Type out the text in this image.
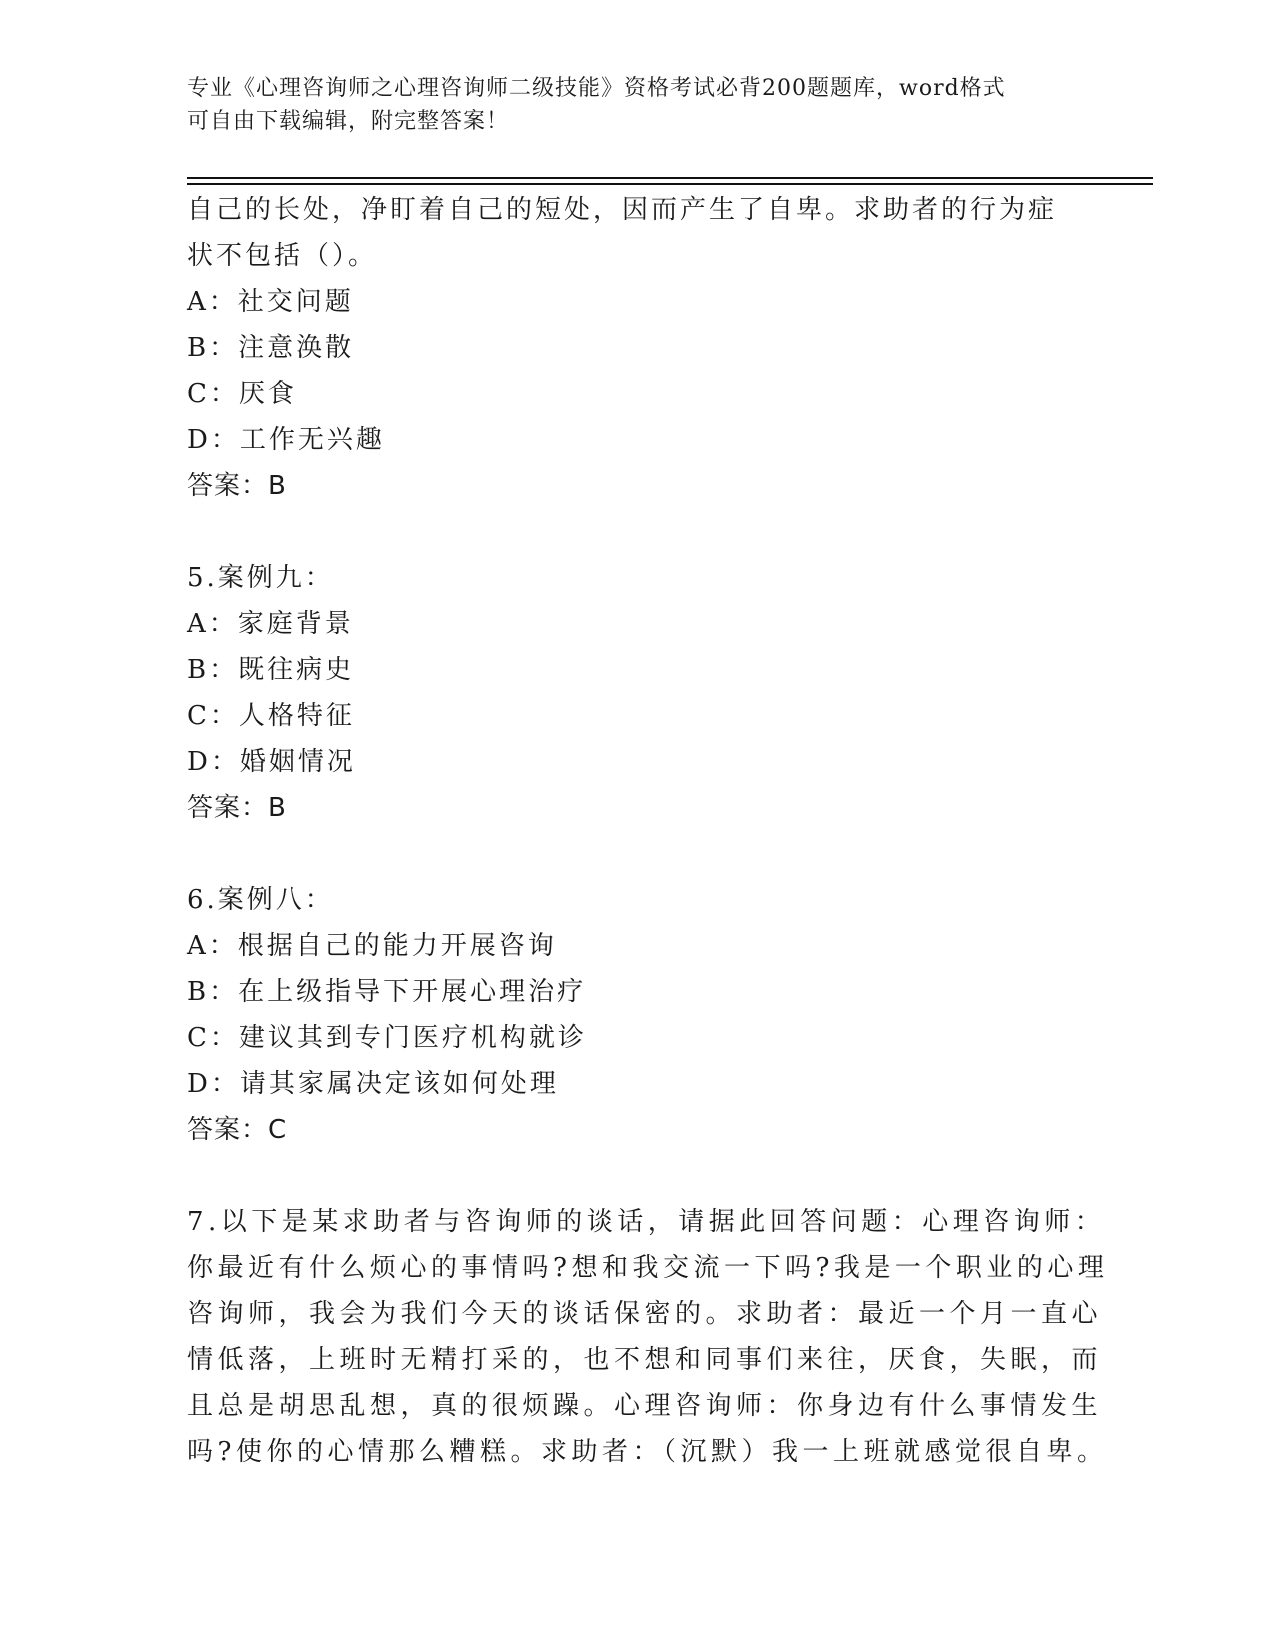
专业《心理咨询师之心理咨询师二级技能》资格考试必背200题题库，word格式
可自由下载编辑，附完整答案！
自己的长处，净盯着自己的短处，因而产生了自卑。求助者的行为症
状不包括（）。
A：社交问题
B：注意涣散
C：厌食
D：工作无兴趣
答案：B
5.案例九：
A：家庭背景
B：既往病史
C：人格特征
D：婚姻情况
答案：B
6.案例八：
A：根据自己的能力开展咨询
B：在上级指导下开展心理治疗
C：建议其到专门医疗机构就诊
D：请其家属决定该如何处理
答案：C
7.以下是某求助者与咨询师的谈话，请据此回答问题：心理咨询师：
你最近有什么烦心的事情吗?想和我交流一下吗?我是一个职业的心理
咨询师，我会为我们今天的谈话保密的。求助者：最近一个月一直心
情低落，上班时无精打采的，也不想和同事们来往，厌食，失眠，而
且总是胡思乱想，真的很烦躁。心理咨询师：你身边有什么事情发生
吗?使你的心情那么糟糕。求助者：（沉默）我一上班就感觉很自卑。
